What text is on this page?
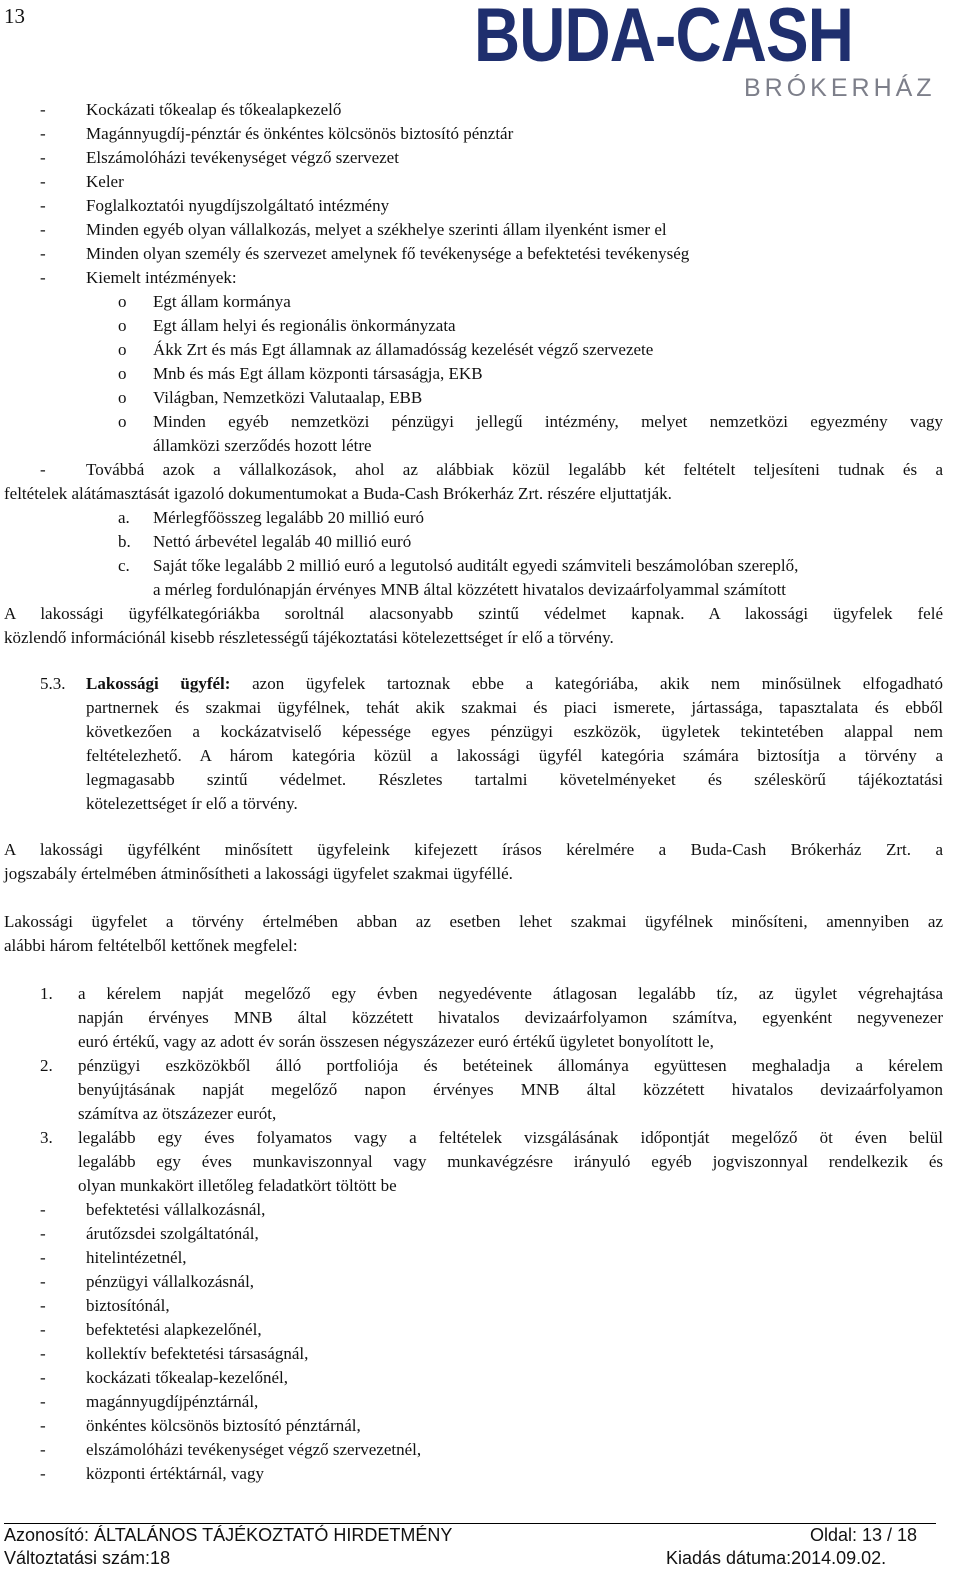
13	BUDA-CASH
BRÓKERHÁZ
- Kockázati tőkealap és tőkealapkezelő
- Magánnyugdíj-pénztár és önkéntes kölcsönös biztosító pénztár
- Elszámolóházi tevékenységet végző szervezet
- Keler
- Foglalkoztatói nyugdíjszolgáltató intézmény
- Minden egyéb olyan vállalkozás, melyet a székhelye szerinti állam ilyenként ismer el
- Minden olyan személy és szervezet amelynek fő tevékenysége a befektetési tevékenység
- Kiemelt intézmények:
o Egt állam kormánya
o Egt állam helyi és regionális önkormányzata
o Ákk Zrt és más Egt államnak az államadósság kezelését végző szervezete
o Mnb és más Egt állam központi társaságja, EKB
o Világban, Nemzetközi Valutaalap, EBB
o Minden egyéb nemzetközi pénzügyi jellegű intézmény, melyet nemzetközi egyezmény vagy
államközi szerződés hozott létre
- Továbbá azok a vállalkozások, ahol az alábbiak közül legalább két feltételt teljesíteni tudnak és a
feltételek alátámasztását igazoló dokumentumokat a Buda-Cash Brókerház Zrt. részére eljuttatják.
a. Mérlegfőösszeg legalább 20 millió euró
b. Nettó árbevétel legaláb 40 millió euró
c. Saját tőke legalább 2 millió euró a legutolsó auditált egyedi számviteli beszámolóban szereplő,
a mérleg fordulónapján érvényes MNB által közzétett hivatalos devizaárfolyammal számított
A lakossági ügyfélkategóriákba soroltnál alacsonyabb szintű védelmet kapnak. A lakossági ügyfelek felé
közlendő információnál kisebb részletességű tájékoztatási kötelezettséget ír elő a törvény.
5.3. Lakossági ügyfél: azon ügyfelek tartoznak ebbe a kategóriába, akik nem minősülnek elfogadható
partnernek és szakmai ügyfélnek, tehát akik szakmai és piaci ismerete, jártassága, tapasztalata és ebből
következően a kockázatviselő képessége egyes pénzügyi eszközök, ügyletek tekintetében alappal nem
feltételezhető. A három kategória közül a lakossági ügyfél kategória számára biztosítja a törvény a
legmagasabb szintű védelmet. Részletes tartalmi követelményeket és széleskörű tájékoztatási
kötelezettséget ír elő a törvény.
A lakossági ügyfélként minősített ügyfeleink kifejezett írásos kérelmére a Buda-Cash Brókerház Zrt. a
jogszabály értelmében átminősítheti a lakossági ügyfelet szakmai ügyféllé.
Lakossági ügyfelet a törvény értelmében abban az esetben lehet szakmai ügyfélnek minősíteni, amennyiben az
alábbi három feltételből kettőnek megfelel:
1. a kérelem napját megelőző egy évben negyedévente átlagosan legalább tíz, az ügylet végrehajtása
napján érvényes MNB által közzétett hivatalos devizaárfolyamon számítva, egyenként negyvenezer
euró értékű, vagy az adott év során összesen négyszázezer euró értékű ügyletet bonyolított le,
2. pénzügyi eszközökből álló portfoliója és betéteinek állománya együttesen meghaladja a kérelem
benyújtásának napját megelőző napon érvényes MNB által közzétett hivatalos devizaárfolyamon
számítva az ötszázezer eurót,
3. legalább egy éves folyamatos vagy a feltételek vizsgálásának időpontját megelőző öt éven belül
legalább egy éves munkaviszonnyal vagy munkavégzésre irányuló egyéb jogviszonnyal rendelkezik és
olyan munkakört illetőleg feladatkört töltött be
- befektetési vállalkozásnál,
- árutőzsdei szolgáltatónál,
- hitelintézetnél,
- pénzügyi vállalkozásnál,
- biztosítónál,
- befektetési alapkezelőnél,
- kollektív befektetési társaságnál,
- kockázati tőkealap-kezelőnél,
- magánnyugdíjpénztárnál,
- önkéntes kölcsönös biztosító pénztárnál,
- elszámolóházi tevékenységet végző szervezetnél,
- központi értéktárnál, vagy
Azonosító: ÁLTALÁNOS TÁJÉKOZTATÓ HIRDETMÉNY	Oldal: 13 / 18
Változtatási szám:18	Kiadás dátuma:2014.09.02.
